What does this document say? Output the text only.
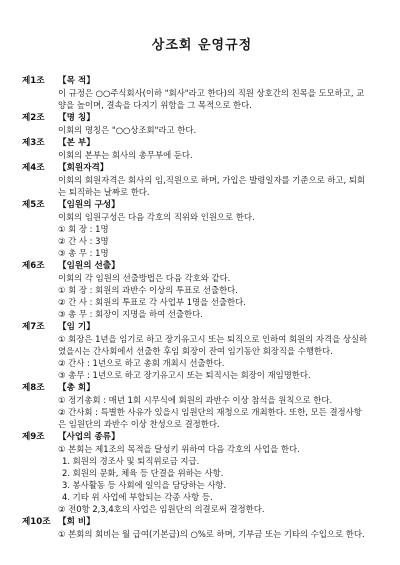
상조회 운영규정
제1조 【목 적】
이 규정은 ○○주식회사(이하 "회사"라고 한다)의 직원 상호간의 친목을 도모하고, 교
양을 높이며, 결속을 다지기 위함을 그 목적으로 한다.
제2조 【명 칭】
이회의 명칭은 "○○상조회"라고 한다.
제3조 【본 부】
이회의 본부는 회사의 총무부에 둔다.
제4조 【회원자격】
이회의 회원자격은 회사의 임,직원으로 하며, 가입은 발령일자를 기준으로 하고, 퇴회
는 퇴직하는 날짜로 한다.
제5조 【임원의 구성】
이회의 임원구성은 다음 각호의 직위와 인원으로 한다.
① 회 장 : 1명
② 간 사 : 3명
③ 총 무 : 1명
제6조 【임원의 선출】
이회의 각 임원의 선출방법은 다음 각호와 같다.
① 회 장 : 회원의 과반수 이상의 투표로 선출한다.
② 간 사 : 회원의 투표로 각 사업부 1명을 선출한다.
③ 총 무 : 회장이 지명을 하여 선출한다.
제7조 【임 기】
① 회장은 1년을 임기로 하고 장기유고시 또는 퇴직으로 인하여 회원의 자격을 상실하
였을시는 간사회에서 선출한 후임 회장이 잔여 임기동안 회장직을 수행한다.
② 간사 : 1년으로 하고 총회 개최시 선출한다.
③ 총무 : 1년으로 하고 장기유고시 또는 퇴직시는 회장이 재임명한다.
제8조 【총 회】
① 정기총회 : 매년 1회 시무식에 회원의 과반수 이상 참석을 원칙으로 한다.
② 간사회 : 특별한 사유가 있을시 임원단의 재청으로 개최한다. 또한, 모든 결정사항
은 임원단의 과반수 이상 찬성으로 결정한다.
제9조 【사업의 종류】
① 본회는 제1조의 목적을 달성키 위하여 다음 각호의 사업을 한다.
1. 회원의 경조사 및 퇴직위로금 지급.
2. 회원의 문화, 체육 등 단결을 위하는 사항.
3. 봉사활동 등 사회에 일익을 담당하는 사항.
4. 기타 위 사업에 부합되는 각종 사항 등.
② 전0항 2,3,4호의 사업은 임원단의 의결로써 결정한다.
제10조 【회 비】
① 본회의 회비는 월 급여(기본급)의 ○%로 하며, 기부금 또는 기타의 수입으로 한다.
